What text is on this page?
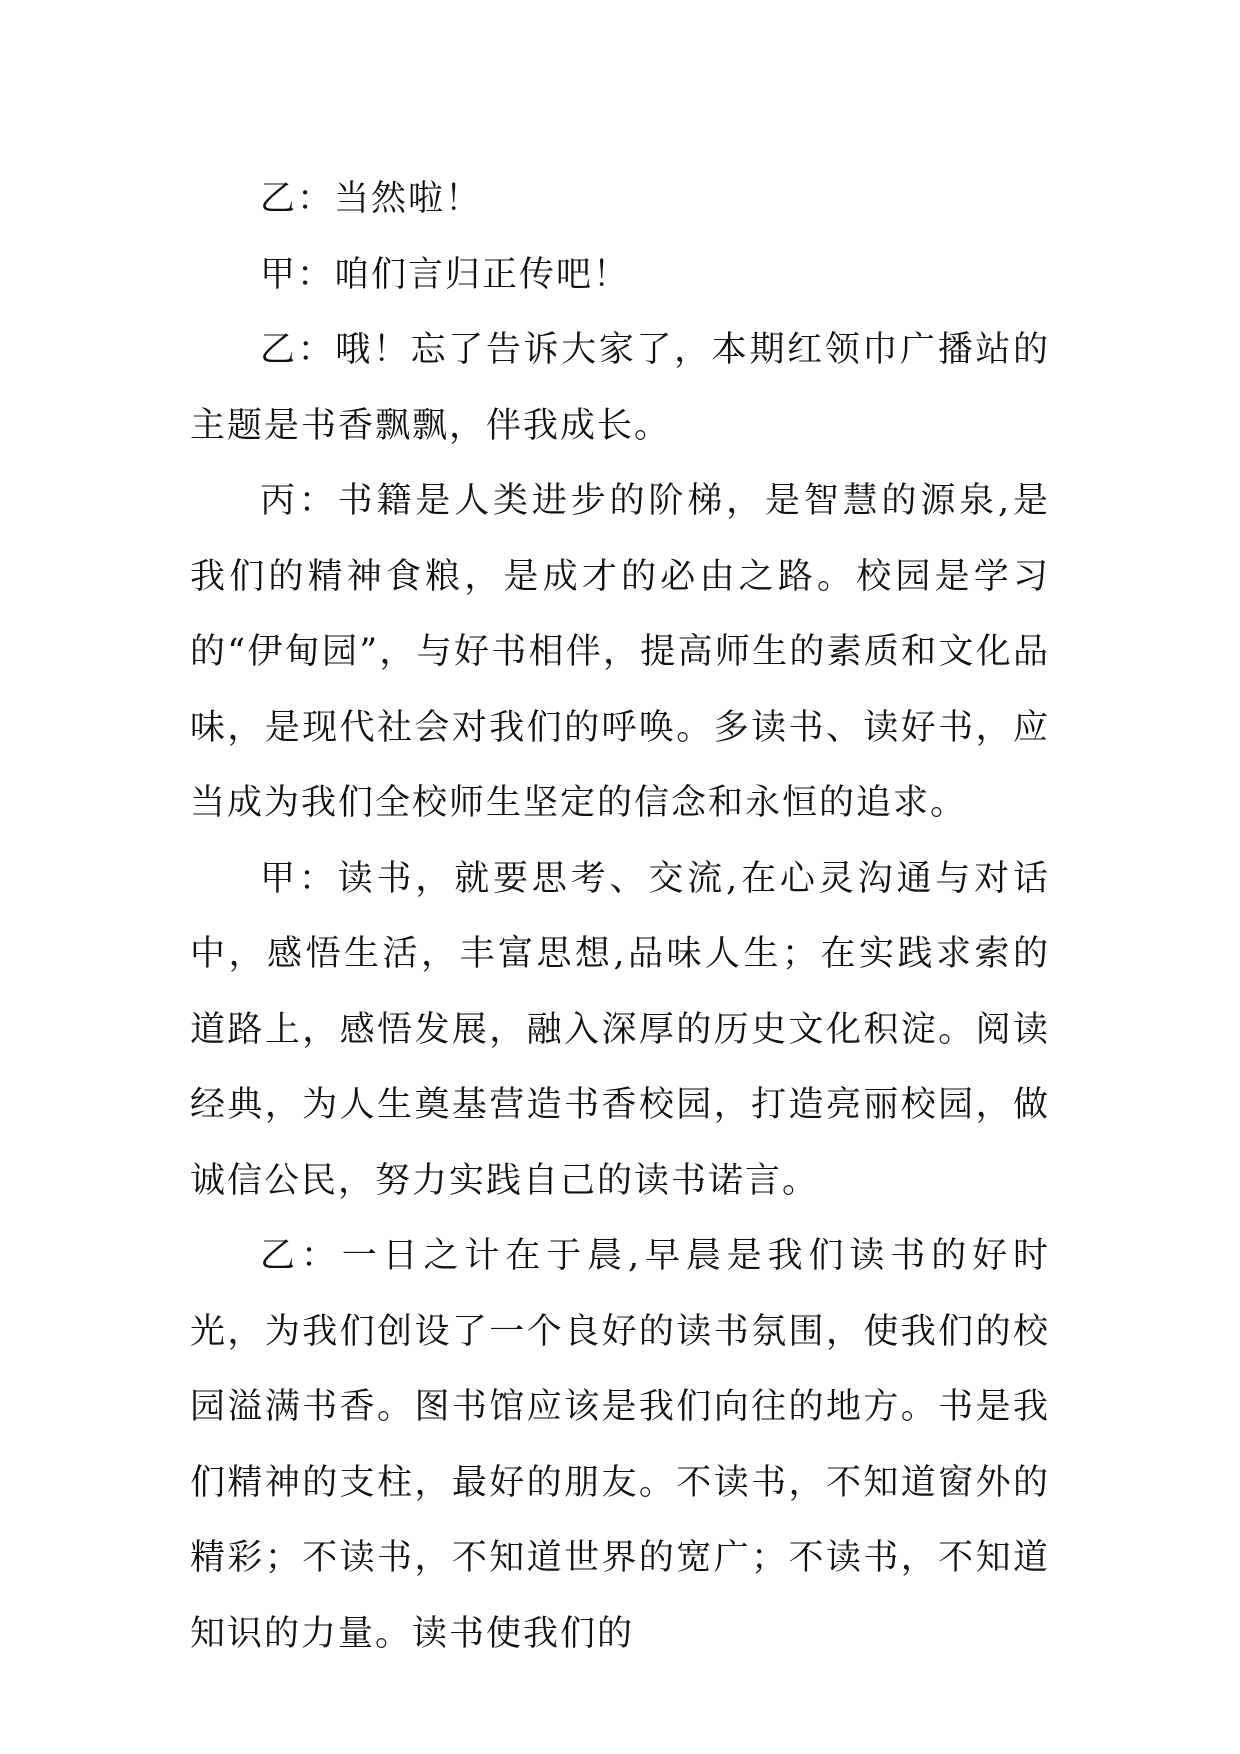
乙：当然啦！

甲：咱们言归正传吧！

乙：哦！忘了告诉大家了，本期红领巾广播站的主题是书香飘飘，伴我成长。

丙：书籍是人类进步的阶梯，是智慧的源泉,是我们的精神食粮，是成才的必由之路。校园是学习的“伊甸园”，与好书相伴，提高师生的素质和文化品味，是现代社会对我们的呼唤。多读书、读好书，应当成为我们全校师生坚定的信念和永恒的追求。

甲：读书，就要思考、交流,在心灵沟通与对话中，感悟生活，丰富思想,品味人生；在实践求索的道路上，感悟发展，融入深厚的历史文化积淀。阅读经典，为人生奠基营造书香校园，打造亮丽校园，做诚信公民，努力实践自己的读书诺言。

乙：一日之计在于晨,早晨是我们读书的好时光，为我们创设了一个良好的读书氛围，使我们的校园溢满书香。图书馆应该是我们向往的地方。书是我们精神的支柱，最好的朋友。不读书，不知道窗外的精彩；不读书，不知道世界的宽广；不读书，不知道知识的力量。读书使我们的
